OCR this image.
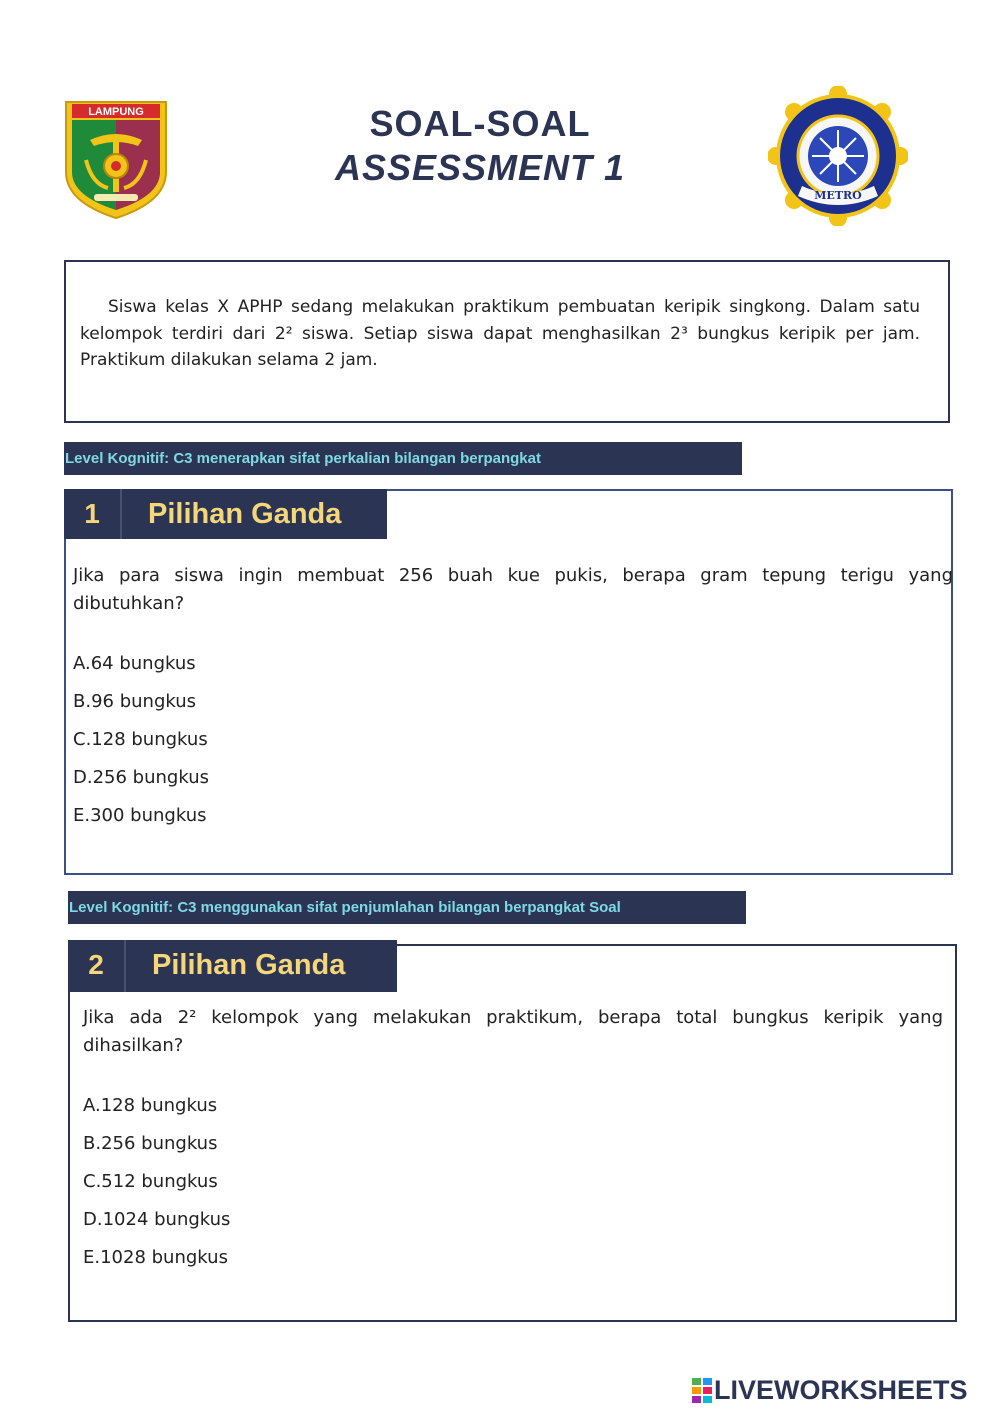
SOAL-SOAL
ASSESSMENT 1
LAMPUNG
METRO
Siswa kelas X APHP sedang melakukan praktikum pembuatan keripik singkong. Dalam satu kelompok terdiri dari 2² siswa. Setiap siswa dapat menghasilkan 2³ bungkus keripik per jam. Praktikum dilakukan selama 2 jam.
Level Kognitif: C3 menerapkan sifat perkalian bilangan berpangkat
1	Pilihan Ganda
Jika para siswa ingin membuat 256 buah kue pukis, berapa gram tepung terigu yang dibutuhkan?
A.64 bungkus
B.96 bungkus
C.128 bungkus
D.256 bungkus
E.300 bungkus
Level Kognitif: C3 menggunakan sifat penjumlahan bilangan berpangkat Soal
2	Pilihan Ganda
Jika ada 2² kelompok yang melakukan praktikum, berapa total bungkus keripik yang dihasilkan?
A.128 bungkus
B.256 bungkus
C.512 bungkus
D.1024 bungkus
E.1028 bungkus
LIVEWORKSHEETS
